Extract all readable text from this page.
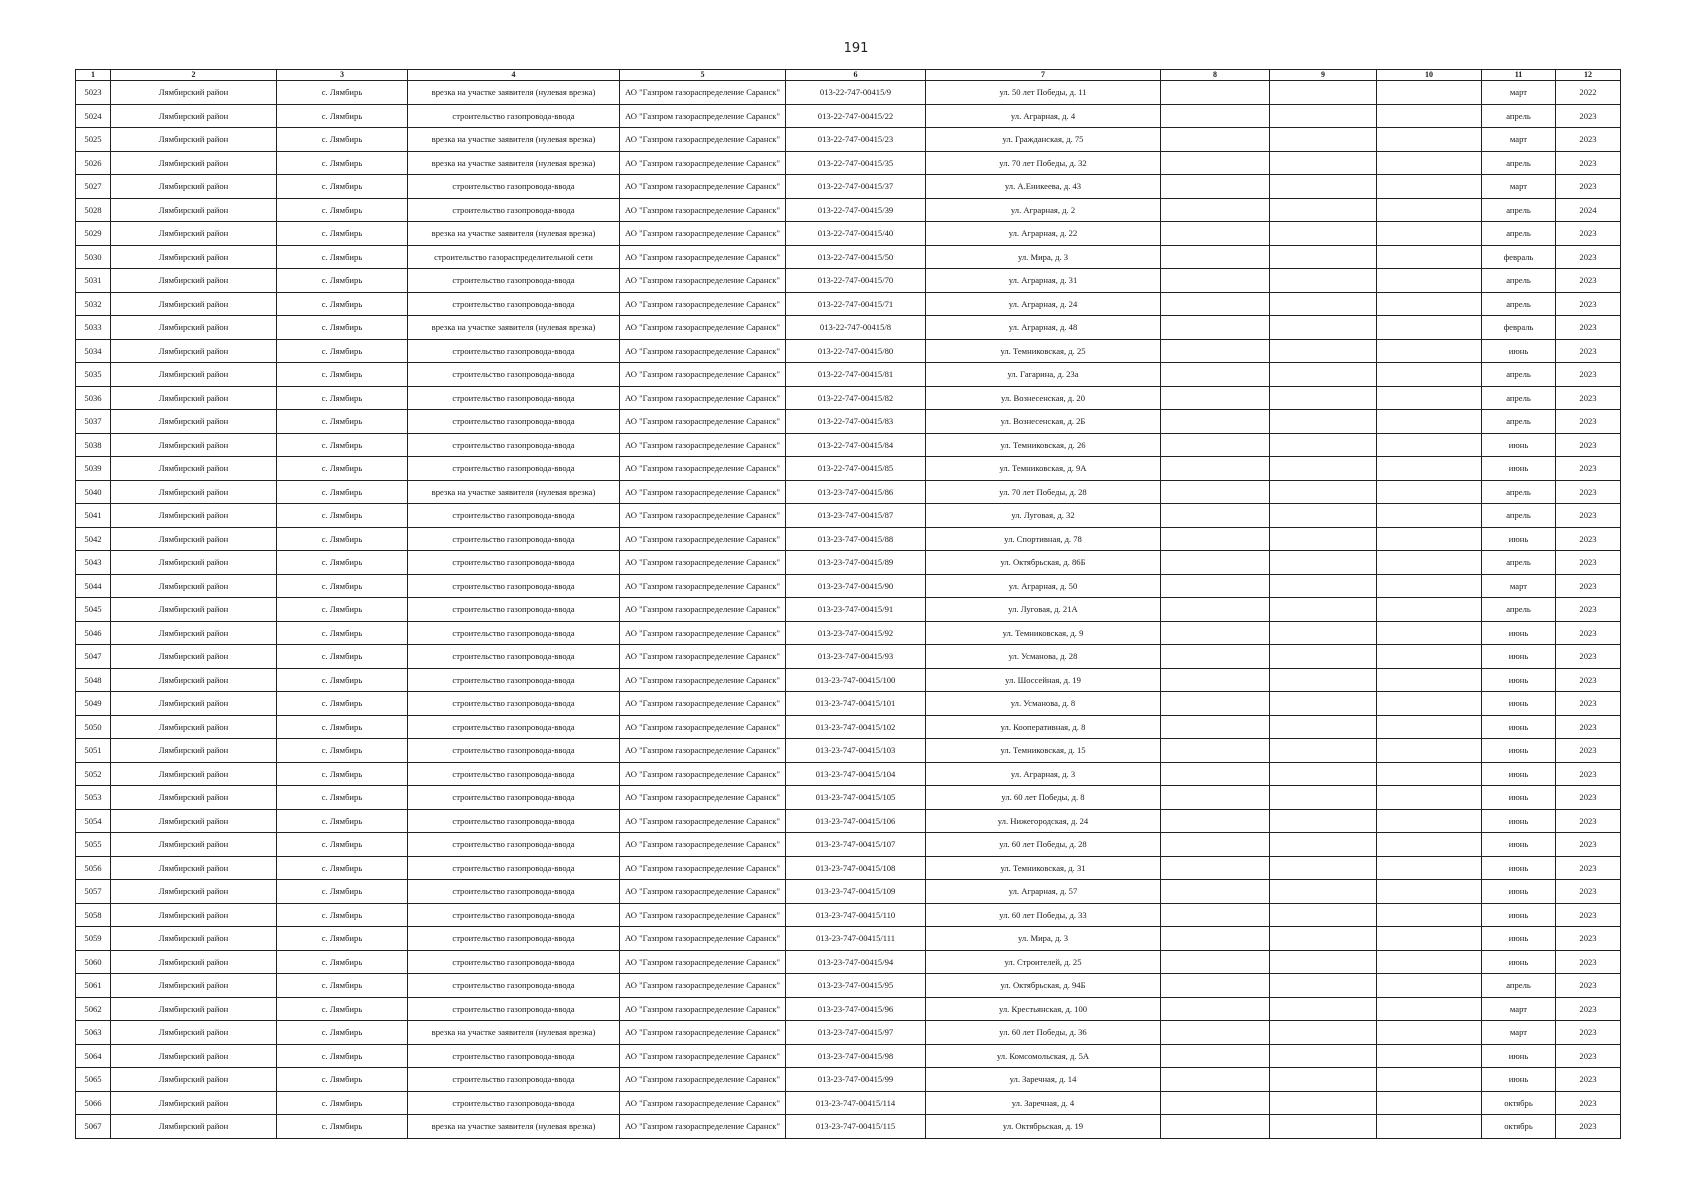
191
1	2	3	4	5	6	7	8	9	10	11	12
5023	Лямбирский район	с. Лямбирь	врезка на участке заявителя (нулевая врезка)	АО "Газпром газораспределение Саранск"	013-22-747-00415/9	ул. 50 лет Победы, д. 11				март	2022
5024	Лямбирский район	с. Лямбирь	строительство газопровода-ввода	АО "Газпром газораспределение Саранск"	013-22-747-00415/22	ул. Аграрная, д. 4				апрель	2023
5025	Лямбирский район	с. Лямбирь	врезка на участке заявителя (нулевая врезка)	АО "Газпром газораспределение Саранск"	013-22-747-00415/23	ул. Гражданская, д. 75				март	2023
5026	Лямбирский район	с. Лямбирь	врезка на участке заявителя (нулевая врезка)	АО "Газпром газораспределение Саранск"	013-22-747-00415/35	ул. 70 лет Победы, д. 32				апрель	2023
5027	Лямбирский район	с. Лямбирь	строительство газопровода-ввода	АО "Газпром газораспределение Саранск"	013-22-747-00415/37	ул. А.Еникеева, д. 43				март	2023
5028	Лямбирский район	с. Лямбирь	строительство газопровода-ввода	АО "Газпром газораспределение Саранск"	013-22-747-00415/39	ул. Аграрная, д. 2				апрель	2024
5029	Лямбирский район	с. Лямбирь	врезка на участке заявителя (нулевая врезка)	АО "Газпром газораспределение Саранск"	013-22-747-00415/40	ул. Аграрная, д. 22				апрель	2023
5030	Лямбирский район	с. Лямбирь	строительство газораспределительной сети	АО "Газпром газораспределение Саранск"	013-22-747-00415/50	ул. Мира, д. 3				февраль	2023
5031	Лямбирский район	с. Лямбирь	строительство газопровода-ввода	АО "Газпром газораспределение Саранск"	013-22-747-00415/70	ул. Аграрная, д. 31				апрель	2023
5032	Лямбирский район	с. Лямбирь	строительство газопровода-ввода	АО "Газпром газораспределение Саранск"	013-22-747-00415/71	ул. Аграрная, д. 24				апрель	2023
5033	Лямбирский район	с. Лямбирь	врезка на участке заявителя (нулевая врезка)	АО "Газпром газораспределение Саранск"	013-22-747-00415/8	ул. Аграрная, д. 48				февраль	2023
5034	Лямбирский район	с. Лямбирь	строительство газопровода-ввода	АО "Газпром газораспределение Саранск"	013-22-747-00415/80	ул. Темниковская, д. 25				июнь	2023
5035	Лямбирский район	с. Лямбирь	строительство газопровода-ввода	АО "Газпром газораспределение Саранск"	013-22-747-00415/81	ул. Гагарина, д. 23а				апрель	2023
5036	Лямбирский район	с. Лямбирь	строительство газопровода-ввода	АО "Газпром газораспределение Саранск"	013-22-747-00415/82	ул. Вознесенская, д. 20				апрель	2023
5037	Лямбирский район	с. Лямбирь	строительство газопровода-ввода	АО "Газпром газораспределение Саранск"	013-22-747-00415/83	ул. Вознесенская, д. 2Б				апрель	2023
5038	Лямбирский район	с. Лямбирь	строительство газопровода-ввода	АО "Газпром газораспределение Саранск"	013-22-747-00415/84	ул. Темниковская, д. 26				июнь	2023
5039	Лямбирский район	с. Лямбирь	строительство газопровода-ввода	АО "Газпром газораспределение Саранск"	013-22-747-00415/85	ул. Темниковская, д. 9А				июнь	2023
5040	Лямбирский район	с. Лямбирь	врезка на участке заявителя (нулевая врезка)	АО "Газпром газораспределение Саранск"	013-23-747-00415/86	ул. 70 лет Победы, д. 28				апрель	2023
5041	Лямбирский район	с. Лямбирь	строительство газопровода-ввода	АО "Газпром газораспределение Саранск"	013-23-747-00415/87	ул. Луговая, д. 32				апрель	2023
5042	Лямбирский район	с. Лямбирь	строительство газопровода-ввода	АО "Газпром газораспределение Саранск"	013-23-747-00415/88	ул. Спортивная, д. 78				июнь	2023
5043	Лямбирский район	с. Лямбирь	строительство газопровода-ввода	АО "Газпром газораспределение Саранск"	013-23-747-00415/89	ул. Октябрьская, д. 86Б				апрель	2023
5044	Лямбирский район	с. Лямбирь	строительство газопровода-ввода	АО "Газпром газораспределение Саранск"	013-23-747-00415/90	ул. Аграрная, д. 50				март	2023
5045	Лямбирский район	с. Лямбирь	строительство газопровода-ввода	АО "Газпром газораспределение Саранск"	013-23-747-00415/91	ул. Луговая, д. 21А				апрель	2023
5046	Лямбирский район	с. Лямбирь	строительство газопровода-ввода	АО "Газпром газораспределение Саранск"	013-23-747-00415/92	ул. Темниковская, д. 9				июнь	2023
5047	Лямбирский район	с. Лямбирь	строительство газопровода-ввода	АО "Газпром газораспределение Саранск"	013-23-747-00415/93	ул. Усманова, д. 28				июнь	2023
5048	Лямбирский район	с. Лямбирь	строительство газопровода-ввода	АО "Газпром газораспределение Саранск"	013-23-747-00415/100	ул. Шоссейная, д. 19				июнь	2023
5049	Лямбирский район	с. Лямбирь	строительство газопровода-ввода	АО "Газпром газораспределение Саранск"	013-23-747-00415/101	ул. Усманова, д. 8				июнь	2023
5050	Лямбирский район	с. Лямбирь	строительство газопровода-ввода	АО "Газпром газораспределение Саранск"	013-23-747-00415/102	ул. Кооперативная, д. 8				июнь	2023
5051	Лямбирский район	с. Лямбирь	строительство газопровода-ввода	АО "Газпром газораспределение Саранск"	013-23-747-00415/103	ул. Темниковская, д. 15				июнь	2023
5052	Лямбирский район	с. Лямбирь	строительство газопровода-ввода	АО "Газпром газораспределение Саранск"	013-23-747-00415/104	ул. Аграрная, д. 3				июнь	2023
5053	Лямбирский район	с. Лямбирь	строительство газопровода-ввода	АО "Газпром газораспределение Саранск"	013-23-747-00415/105	ул. 60 лет Победы, д. 8				июнь	2023
5054	Лямбирский район	с. Лямбирь	строительство газопровода-ввода	АО "Газпром газораспределение Саранск"	013-23-747-00415/106	ул. Нижегородская, д. 24				июнь	2023
5055	Лямбирский район	с. Лямбирь	строительство газопровода-ввода	АО "Газпром газораспределение Саранск"	013-23-747-00415/107	ул. 60 лет Победы, д. 28				июнь	2023
5056	Лямбирский район	с. Лямбирь	строительство газопровода-ввода	АО "Газпром газораспределение Саранск"	013-23-747-00415/108	ул. Темниковская, д. 31				июнь	2023
5057	Лямбирский район	с. Лямбирь	строительство газопровода-ввода	АО "Газпром газораспределение Саранск"	013-23-747-00415/109	ул. Аграрная, д. 57				июнь	2023
5058	Лямбирский район	с. Лямбирь	строительство газопровода-ввода	АО "Газпром газораспределение Саранск"	013-23-747-00415/110	ул. 60 лет Победы, д. 33				июнь	2023
5059	Лямбирский район	с. Лямбирь	строительство газопровода-ввода	АО "Газпром газораспределение Саранск"	013-23-747-00415/111	ул. Мира, д. 3				июнь	2023
5060	Лямбирский район	с. Лямбирь	строительство газопровода-ввода	АО "Газпром газораспределение Саранск"	013-23-747-00415/94	ул. Строителей, д. 25				июнь	2023
5061	Лямбирский район	с. Лямбирь	строительство газопровода-ввода	АО "Газпром газораспределение Саранск"	013-23-747-00415/95	ул. Октябрьская, д. 94Б				апрель	2023
5062	Лямбирский район	с. Лямбирь	строительство газопровода-ввода	АО "Газпром газораспределение Саранск"	013-23-747-00415/96	ул. Крестьянская, д. 100				март	2023
5063	Лямбирский район	с. Лямбирь	врезка на участке заявителя (нулевая врезка)	АО "Газпром газораспределение Саранск"	013-23-747-00415/97	ул. 60 лет Победы, д. 36				март	2023
5064	Лямбирский район	с. Лямбирь	строительство газопровода-ввода	АО "Газпром газораспределение Саранск"	013-23-747-00415/98	ул. Комсомольская, д. 5А				июнь	2023
5065	Лямбирский район	с. Лямбирь	строительство газопровода-ввода	АО "Газпром газораспределение Саранск"	013-23-747-00415/99	ул. Заречная, д. 14				июнь	2023
5066	Лямбирский район	с. Лямбирь	строительство газопровода-ввода	АО "Газпром газораспределение Саранск"	013-23-747-00415/114	ул. Заречная, д. 4				октябрь	2023
5067	Лямбирский район	с. Лямбирь	врезка на участке заявителя (нулевая врезка)	АО "Газпром газораспределение Саранск"	013-23-747-00415/115	ул. Октябрьская, д. 19				октябрь	2023
